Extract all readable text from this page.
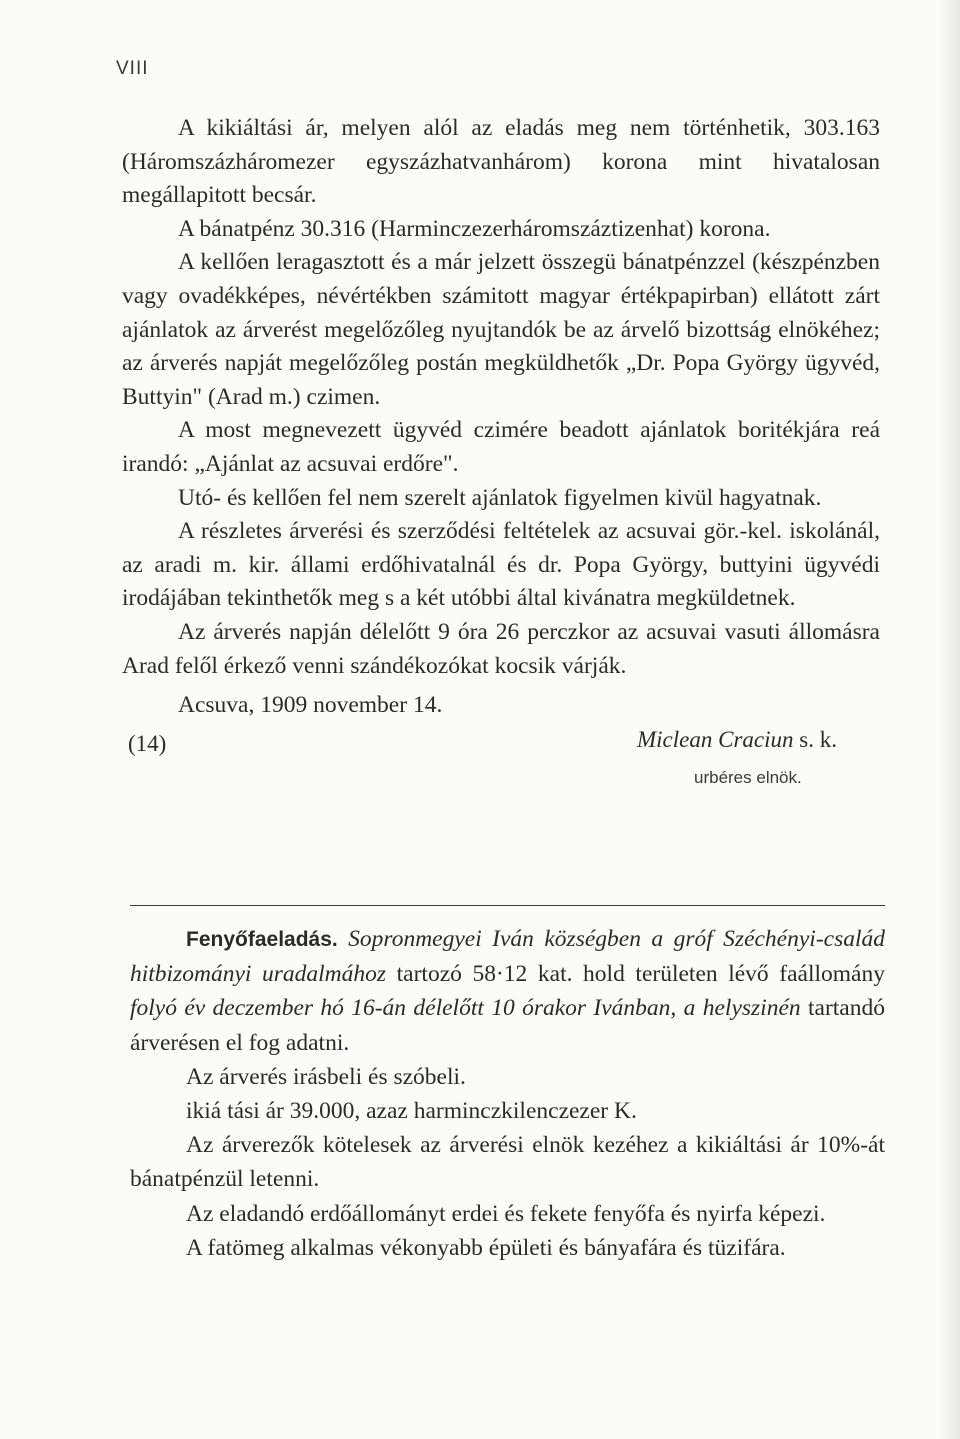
VIII

A kikiáltási ár, melyen alól az eladás meg nem történhetik, 303.163 (Háromszázháromezer egyszázhatvanhárom) korona mint hivatalosan megállapitott becsár.

A bánatpénz 30.316 (Harminczezerháromszáztizenhat) korona.

A kellően leragasztott és a már jelzett összegü bánatpénzzel (készpénzben vagy ovadékképes, névértékben számitott magyar értékpapirban) ellátott zárt ajánlatok az árverést megelőzőleg nyujtandók be az árvelő bizottság elnökéhez; az árverés napját megelőzőleg postán megküldhetők „Dr. Popa György ügyvéd, Buttyin" (Arad m.) czimen.

A most megnevezett ügyvéd czimére beadott ajánlatok boritékjára reá irandó: „Ajánlat az acsuvai erdőre".

Utó- és kellően fel nem szerelt ajánlatok figyelmen kivül hagyatnak.

A részletes árverési és szerződési feltételek az acsuvai gör.-kel. iskolánál, az aradi m. kir. állami erdőhivatalnál és dr. Popa György, buttyini ügyvédi irodájában tekinthetők meg s a két utóbbi által kivánatra megküldetnek.

Az árverés napján délelőtt 9 óra 26 perczkor az acsuvai vasuti állomásra Arad felől érkező venni szándékozókat kocsik várják.

Acsuva, 1909 november 14.

(14)	Miclean Craciun s. k.
urbéres elnök.

Fenyőfaeladás. Sopronmegyei Iván községben a gróf Széchényi-család hitbizományi uradalmához tartozó 58·12 kat. hold területen lévő faállomány folyó év deczember hó 16-án délelőtt 10 órakor Ivánban, a helyszinén tartandó árverésen el fog adatni.

Az árverés irásbeli és szóbeli.

ikiá tási ár 39.000, azaz harminczkilenczezer K.

Az árverezők kötelesek az árverési elnök kezéhez a kikiáltási ár 10%-át bánatpénzül letenni.

Az eladandó erdőállományt erdei és fekete fenyőfa és nyirfa képezi.

A fatömeg alkalmas vékonyabb épületi és bányafára és tüzifára.
